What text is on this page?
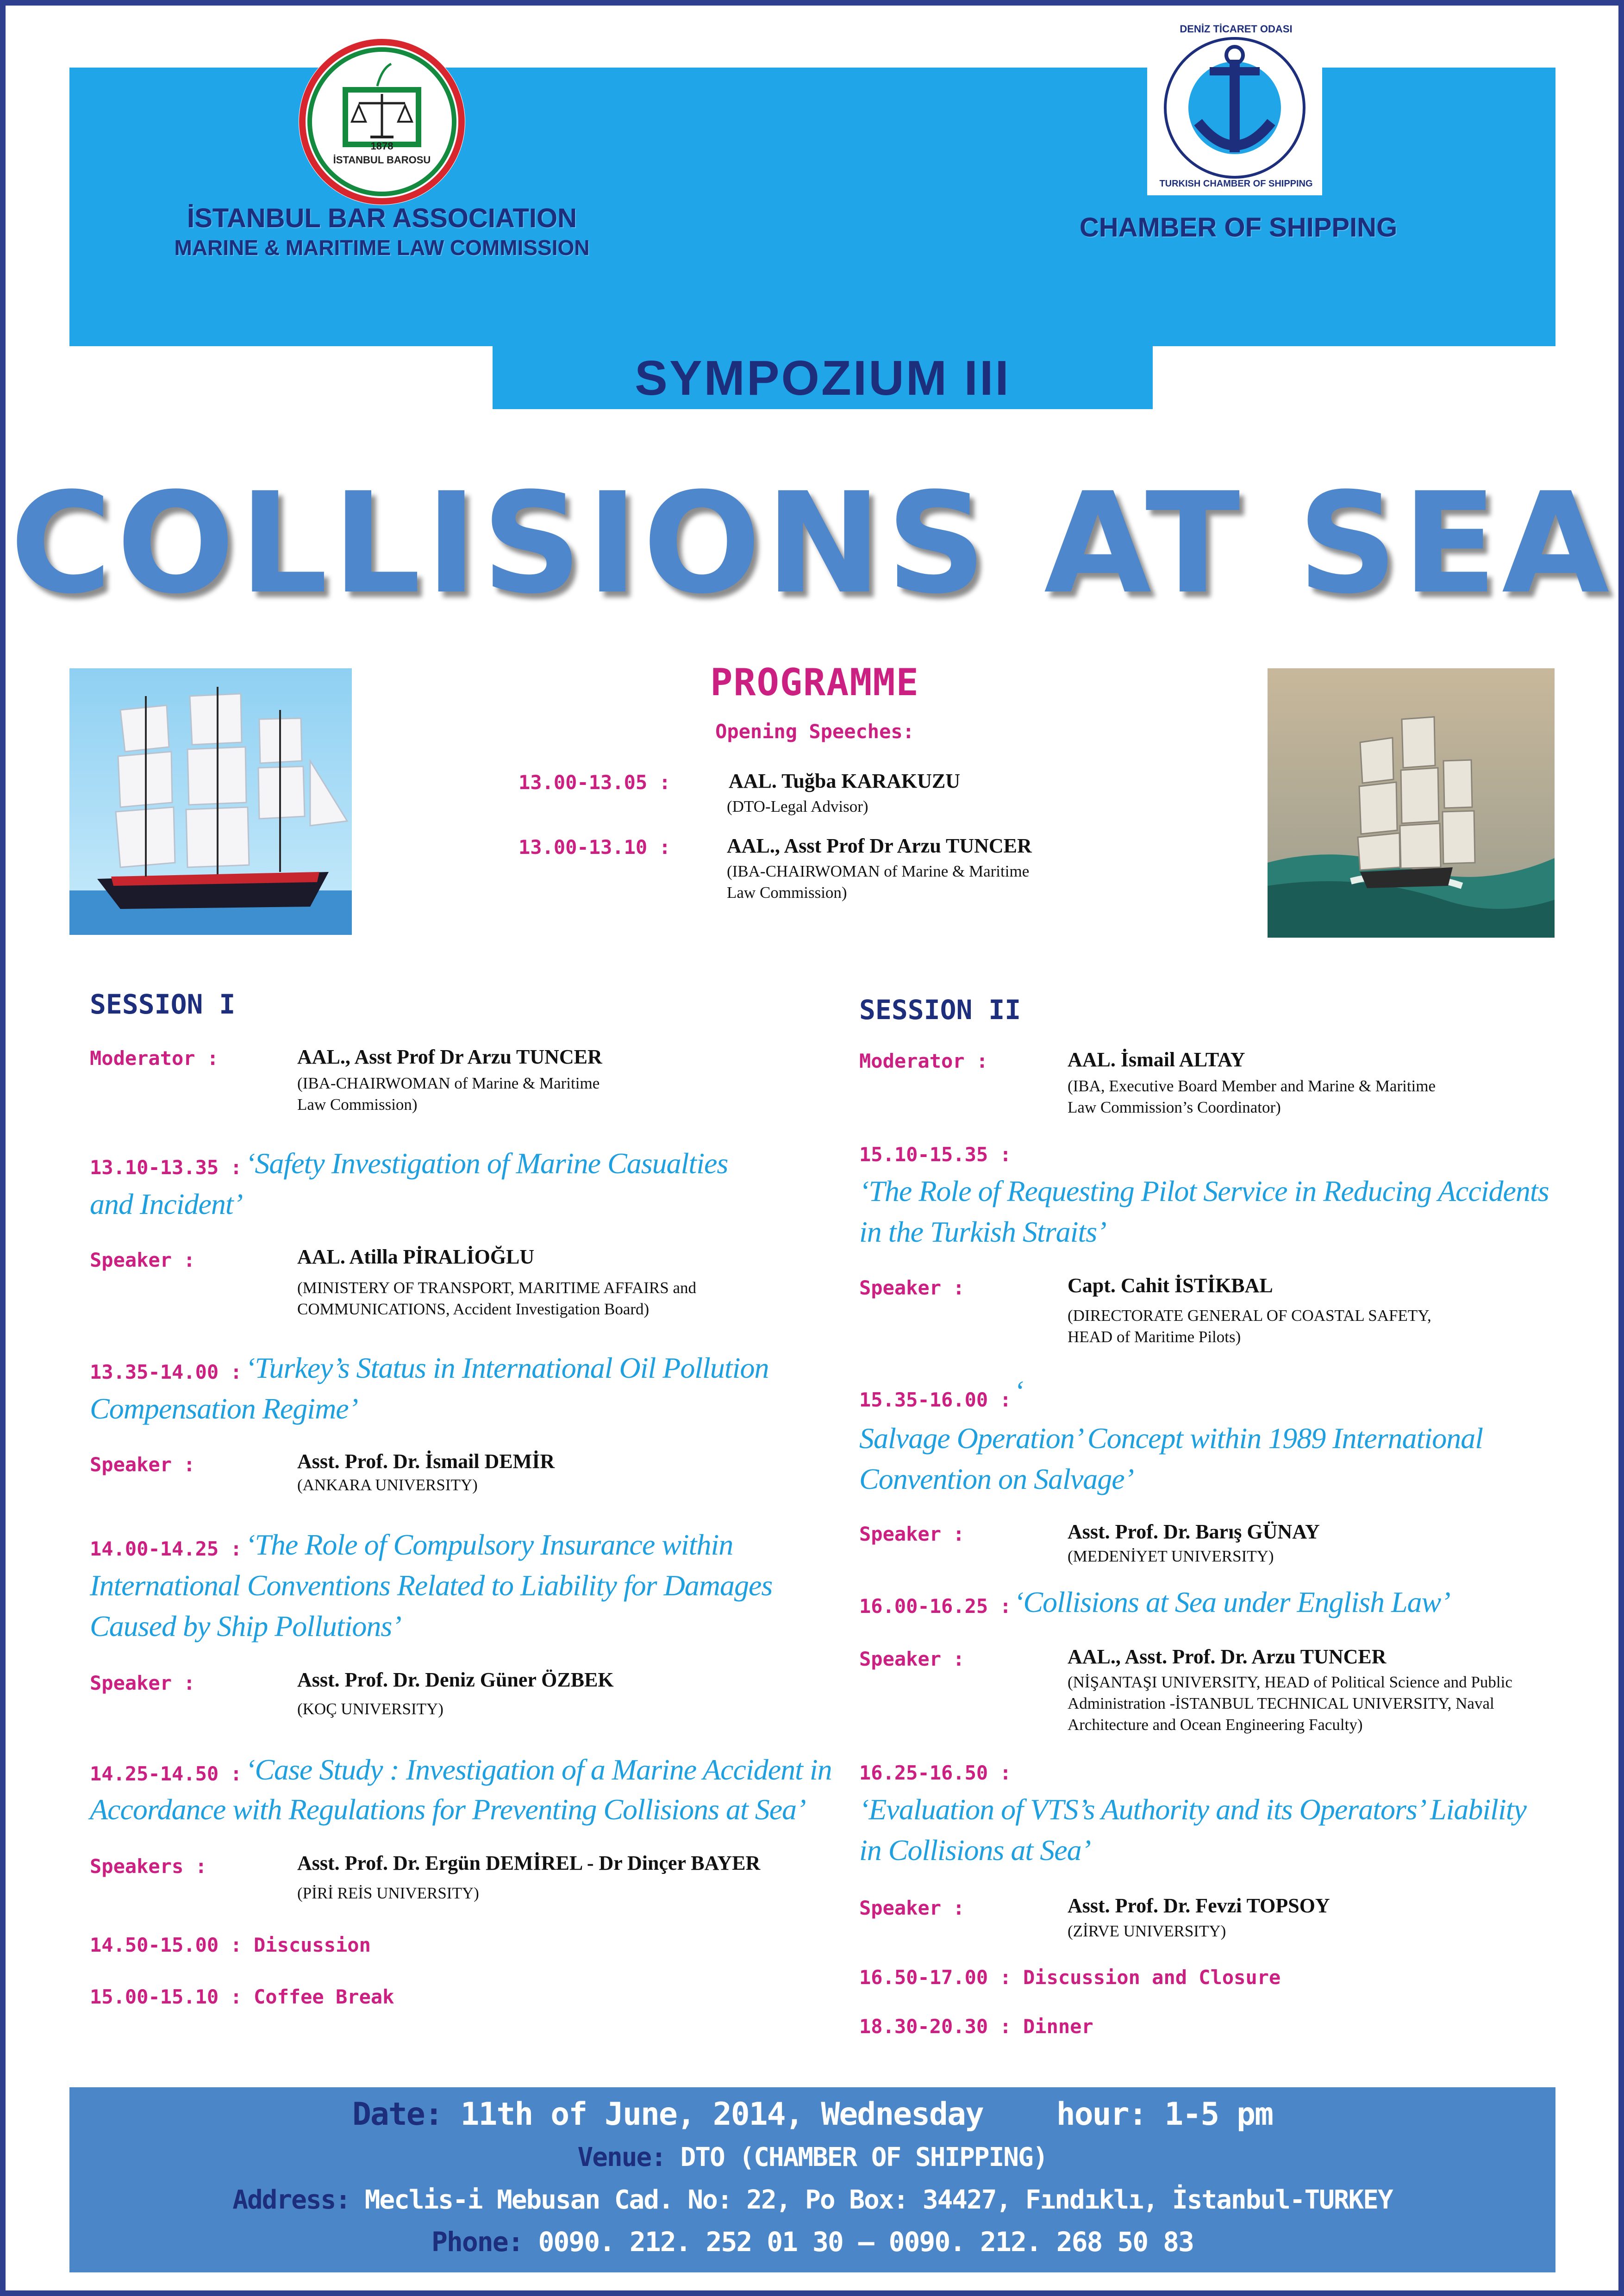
1878
İSTANBUL BAROSU
İSTANBUL BAR ASSOCIATION
MARINE & MARITIME LAW COMMISSION
DENİZ TİCARET ODASI
TURKISH CHAMBER OF SHIPPING
CHAMBER OF SHIPPING
SYMPOZIUM III
COLLISIONS AT SEA
PROGRAMME
Opening Speeches:
13.00-13.05 :	AAL. Tuğba KARAKUZU
(DTO-Legal Advisor)
13.00-13.10 :	AAL., Asst Prof Dr Arzu TUNCER
(IBA-CHAIRWOMAN of Marine & Maritime
Law Commission)
SESSION I
Moderator :	AAL., Asst Prof Dr Arzu TUNCER
(IBA-CHAIRWOMAN of Marine & Maritime
Law Commission)
13.10-13.35 : ‘Safety Investigation of Marine Casualties
and Incident’
Speaker :	AAL. Atilla PİRALİOĞLU
(MINISTERY OF TRANSPORT, MARITIME AFFAIRS and
COMMUNICATIONS, Accident Investigation Board)
13.35-14.00 : ‘Turkey’s Status in International Oil Pollution
Compensation Regime’
Speaker :	Asst. Prof. Dr. İsmail DEMİR
(ANKARA UNIVERSITY)
14.00-14.25 : ‘The Role of Compulsory Insurance within
International Conventions Related to Liability for Damages
Caused by Ship Pollutions’
Speaker :	Asst. Prof. Dr. Deniz Güner ÖZBEK
(KOÇ UNIVERSITY)
14.25-14.50 : ‘Case Study : Investigation of a Marine Accident in
Accordance with Regulations for Preventing Collisions at Sea’
Speakers :	Asst. Prof. Dr. Ergün DEMİREL - Dr Dinçer BAYER
(PİRİ REİS UNIVERSITY)
14.50-15.00 : Discussion
15.00-15.10 : Coffee Break
SESSION II
Moderator :	AAL. İsmail ALTAY
(IBA, Executive Board Member and Marine & Maritime
Law Commission’s Coordinator)
15.10-15.35 :
‘The Role of Requesting Pilot Service in Reducing Accidents
in the Turkish Straits’
Speaker :	Capt. Cahit İSTİKBAL
(DIRECTORATE GENERAL OF COASTAL SAFETY,
HEAD of Maritime Pilots)
15.35-16.00 : ‘
Salvage Operation’ Concept within 1989 International
Convention on Salvage’
Speaker :	Asst. Prof. Dr. Barış GÜNAY
(MEDENİYET UNIVERSITY)
16.00-16.25 : ‘Collisions at Sea under English Law’
Speaker :	AAL., Asst. Prof. Dr. Arzu TUNCER
(NİŞANTAŞI UNIVERSITY, HEAD of Political Science and Public
Administration -İSTANBUL TECHNICAL UNIVERSITY, Naval
Architecture and Ocean Engineering Faculty)
16.25-16.50 :
‘Evaluation of VTS’s Authority and its Operators’ Liability
in Collisions at Sea’
Speaker :	Asst. Prof. Dr. Fevzi TOPSOY
(ZİRVE UNIVERSITY)
16.50-17.00 : Discussion and Closure
18.30-20.30 : Dinner
Date: 11th of June, 2014, Wednesday hour: 1-5 pm
Venue: DTO (CHAMBER OF SHIPPING)
Address: Meclis-i Mebusan Cad. No: 22, Po Box: 34427, Fındıklı, İstanbul-TURKEY
Phone: 0090. 212. 252 01 30 – 0090. 212. 268 50 83
